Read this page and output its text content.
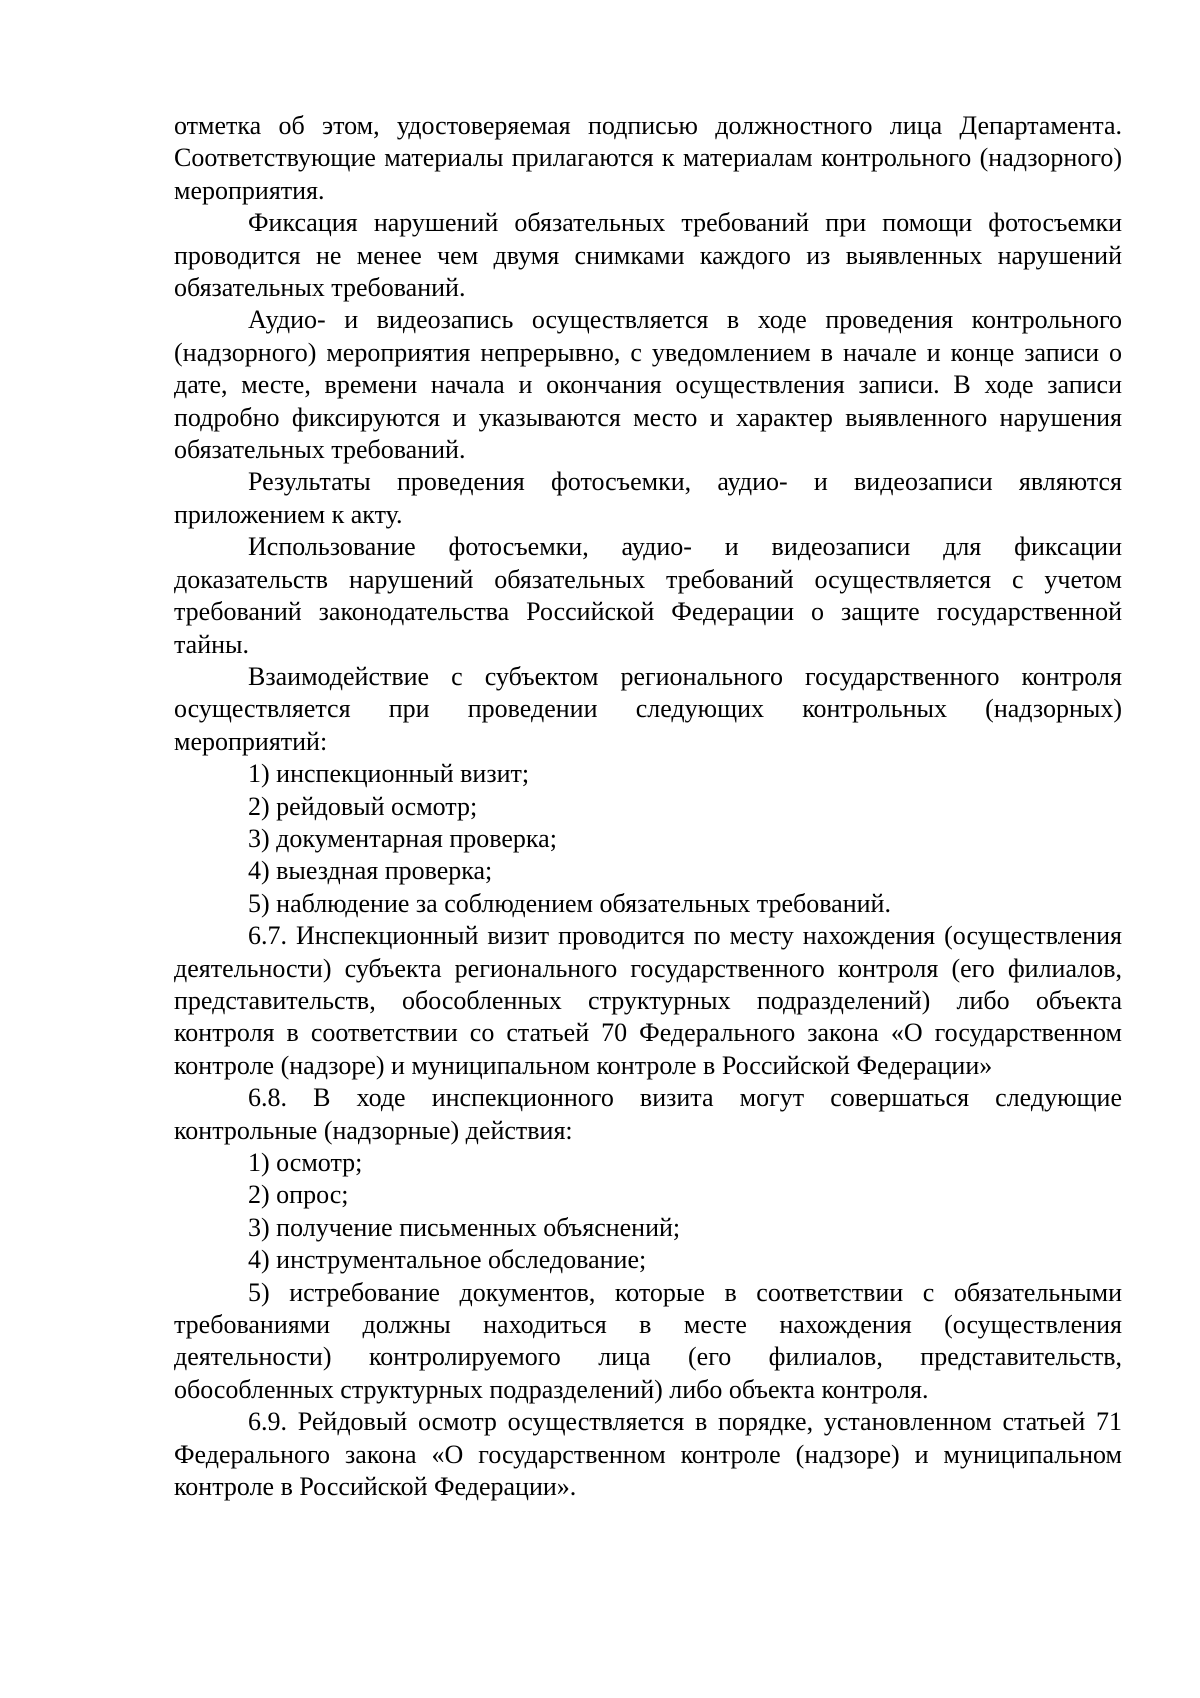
отметка об этом, удостоверяемая подписью должностного лица Департамента. Соответствующие материалы прилагаются к материалам контрольного (надзорного) мероприятия.

Фиксация нарушений обязательных требований при помощи фотосъемки проводится не менее чем двумя снимками каждого из выявленных нарушений обязательных требований.

Аудио- и видеозапись осуществляется в ходе проведения контрольного (надзорного) мероприятия непрерывно, с уведомлением в начале и конце записи о дате, месте, времени начала и окончания осуществления записи. В ходе записи подробно фиксируются и указываются место и характер выявленного нарушения обязательных требований.

Результаты проведения фотосъемки, аудио- и видеозаписи являются приложением к акту.

Использование фотосъемки, аудио- и видеозаписи для фиксации доказательств нарушений обязательных требований осуществляется с учетом требований законодательства Российской Федерации о защите государственной тайны.

Взаимодействие с субъектом регионального государственного контроля осуществляется при проведении следующих контрольных (надзорных) мероприятий:

1) инспекционный визит;

2) рейдовый осмотр;

3) документарная проверка;

4) выездная проверка;

5) наблюдение за соблюдением обязательных требований.

6.7. Инспекционный визит проводится по месту нахождения (осуществления деятельности) субъекта регионального государственного контроля (его филиалов, представительств, обособленных структурных подразделений) либо объекта контроля в соответствии со статьей 70 Федерального закона «О государственном контроле (надзоре) и муниципальном контроле в Российской Федерации»

6.8. В ходе инспекционного визита могут совершаться следующие контрольные (надзорные) действия:

1) осмотр;

2) опрос;

3) получение письменных объяснений;

4) инструментальное обследование;

5) истребование документов, которые в соответствии с обязательными требованиями должны находиться в месте нахождения (осуществления деятельности) контролируемого лица (его филиалов, представительств, обособленных структурных подразделений) либо объекта контроля.

6.9. Рейдовый осмотр осуществляется в порядке, установленном статьей 71 Федерального закона «О государственном контроле (надзоре) и муниципальном контроле в Российской Федерации».
